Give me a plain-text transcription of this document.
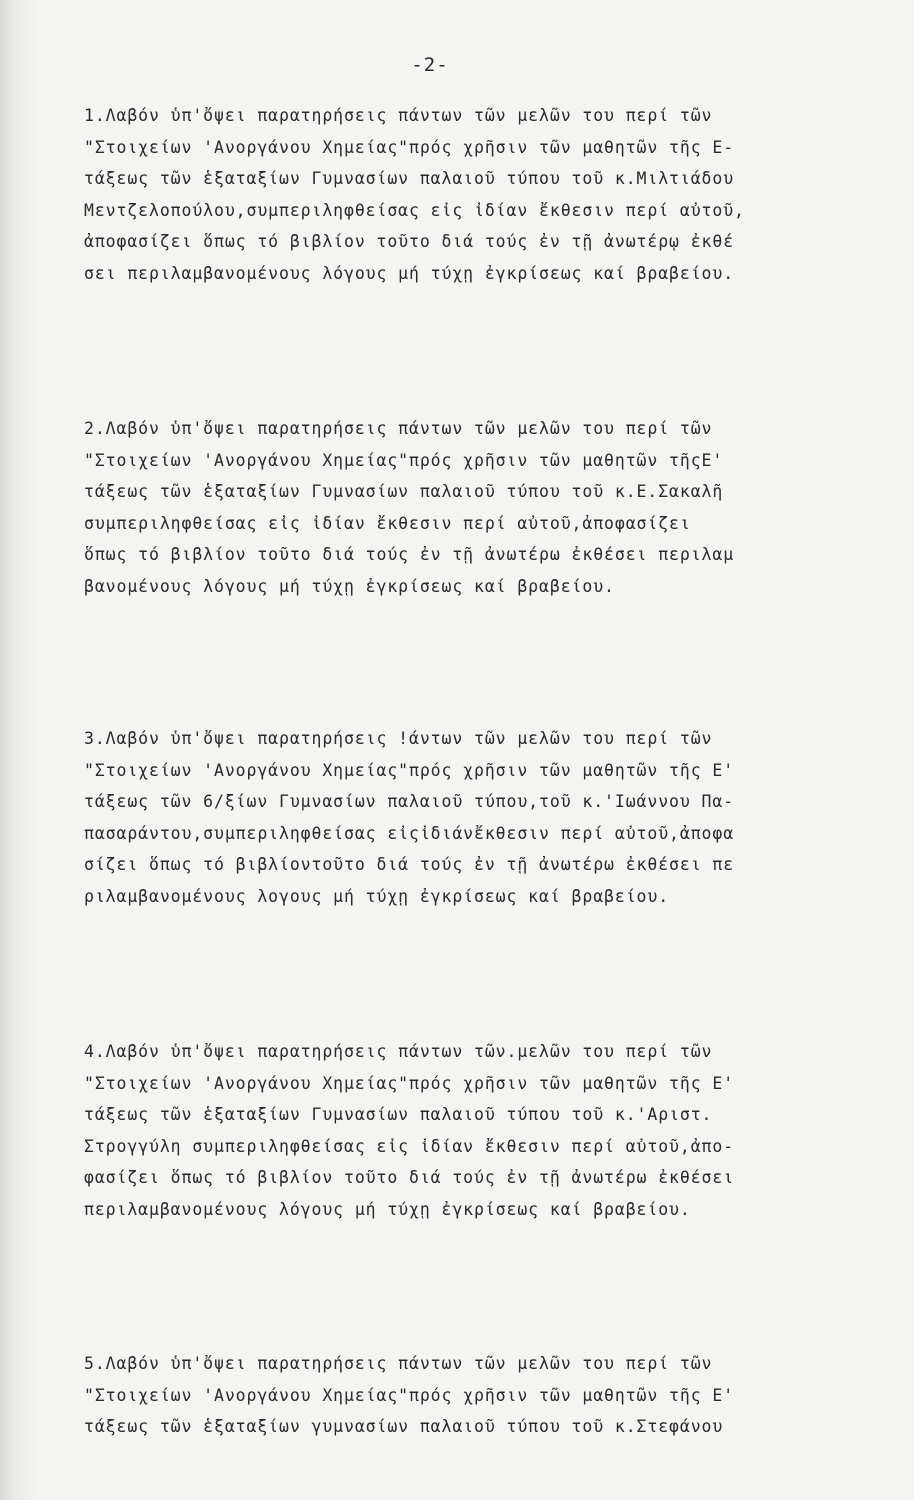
-2-
1.Λαβόν ὑπ'ὄψει παρατηρήσεις πάντων τῶν μελῶν του περί τῶν
"Στοιχείων 'Ανοργάνου Χημείας"πρός χρῆσιν τῶν μαθητῶν τῆς Ε-
τάξεως τῶν ἑξαταξίων Γυμνασίων παλαιοῦ τύπου τοῦ κ.Μιλτιάδου
Μεντζελοπούλου,συμπεριληφθείσας εἰς ἰδίαν ἔκθεσιν περί αὐτοῦ,
ἀποφασίζει ὅπως τό βιβλίον τοῦτο διά τούς ἐν τῇ ἀνωτέρῳ ἐκθέ
σει περιλαμβανομένους λόγους μή τύχῃ ἐγκρίσεως καί βραβείου.
2.Λαβόν ὑπ'ὄψει παρατηρήσεις πάντων τῶν μελῶν του περί τῶν
"Στοιχείων 'Ανοργάνου Χημείας"πρός χρῆσιν τῶν μαθητῶν τῆςΕ'
τάξεως τῶν ἑξαταξίων Γυμνασίων παλαιοῦ τύπου τοῦ κ.Ε.Σακαλῆ
συμπεριληφθείσας εἰς ἰδίαν ἔκθεσιν περί αὐτοῦ,ἀποφασίζει
ὅπως τό βιβλίον τοῦτο διά τούς ἐν τῇ ἀνωτέρω ἐκθέσει περιλαμ
βανομένους λόγους μή τύχῃ ἐγκρίσεως καί βραβείου.
3.Λαβόν ὑπ'ὄψει παρατηρήσεις !άντων τῶν μελῶν του περί τῶν
"Στοιχείων 'Ανοργάνου Χημείας"πρός χρῆσιν τῶν μαθητῶν τῆς Ε'
τάξεως τῶν 6/ξίων Γυμνασίων παλαιοῦ τύπου,τοῦ κ.'Ιωάννου Πα-
πασαράντου,συμπεριληφθείσας εἰςἰδιάνἔκθεσιν περί αὐτοῦ,ἀποφα
σίζει ὅπως τό βιβλίοντοῦτο διά τούς ἐν τῇ ἀνωτέρω ἐκθέσει πε
ριλαμβανομένους λογους μή τύχῃ ἐγκρίσεως καί βραβείου.
4.Λαβόν ὑπ'ὄψει παρατηρήσεις πάντων τῶν.μελῶν του περί τῶν
"Στοιχείων 'Ανοργάνου Χημείας"πρός χρῆσιν τῶν μαθητῶν τῆς Ε'
τάξεως τῶν ἑξαταξίων Γυμνασίων παλαιοῦ τύπου τοῦ κ.'Αριστ.
Στρογγύλη συμπεριληφθείσας εἰς ἰδίαν ἔκθεσιν περί αὐτοῦ,ἀπο-
φασίζει ὅπως τό βιβλίον τοῦτο διά τούς ἐν τῇ ἀνωτέρω ἐκθέσει
περιλαμβανομένους λόγους μή τύχῃ ἐγκρίσεως καί βραβείου.
5.Λαβόν ὑπ'ὄψει παρατηρήσεις πάντων τῶν μελῶν του περί τῶν
"Στοιχείων 'Ανοργάνου Χημείας"πρός χρῆσιν τῶν μαθητῶν τῆς Ε'
τάξεως τῶν ἑξαταξίων γυμνασίων παλαιοῦ τύπου τοῦ κ.Στεφάνου
